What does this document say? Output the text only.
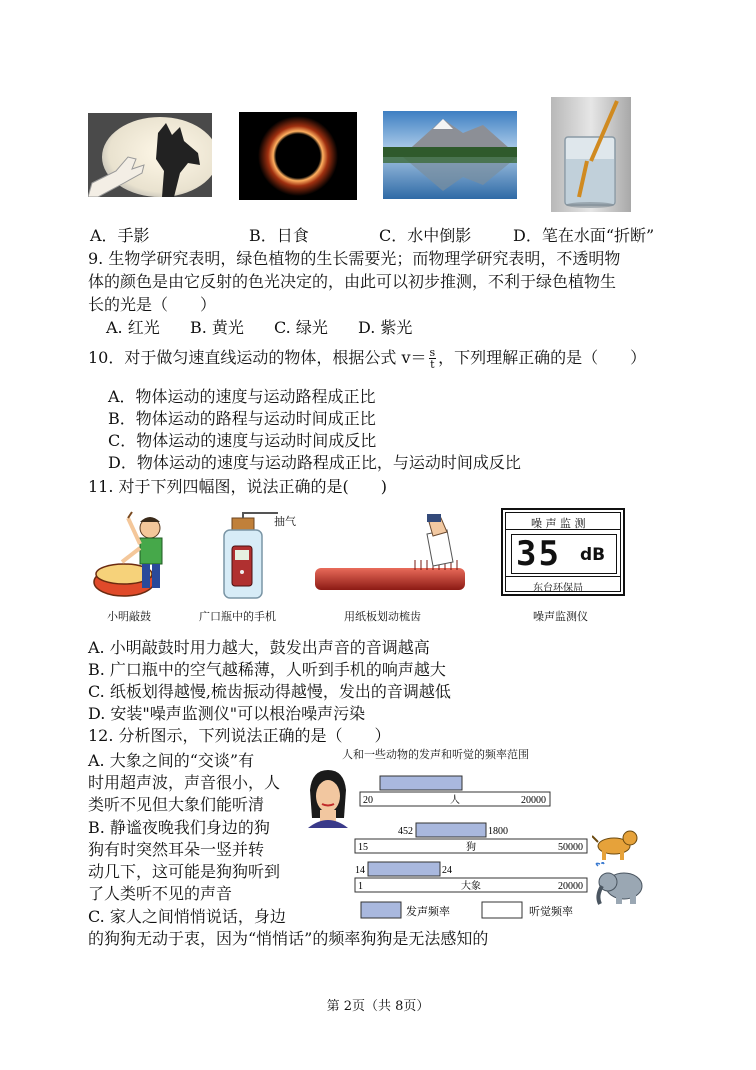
A．手影	B．日食	C．水中倒影	D．笔在水面“折断”
9. 生物学研究表明，绿色植物的生长需要光；而物理学研究表明，不透明物
体的颜色是由它反射的色光决定的，由此可以初步推测，不利于绿色植物生
长的光是（　　）
A. 红光 B. 黄光 C. 绿光 D. 紫光
10．对于做匀速直线运动的物体，根据公式 $v= \frac{s}{t}$ ，下列理解正确的是（　　）
A．物体运动的速度与运动路程成正比
B．物体运动的路程与运动时间成正比
C．物体运动的速度与运动时间成反比
D．物体运动的速度与运动路程成正比，与运动时间成反比
11. 对于下列四幅图，说法正确的是(　　)
小明敲鼓
抽气
广口瓶中的手机	用纸板划动梳齿
噪 声 监 测
35 dB
东台环保局
噪声监测仪
A. 小明敲鼓时用力越大，鼓发出声音的音调越高
B. 广口瓶中的空气越稀薄，人听到手机的响声越大
C. 纸板划得越慢,梳齿振动得越慢，发出的音调越低
D. 安装"噪声监测仪"可以根治噪声污染
12. 分析图示，下列说法正确的是（　　）
A. 大象之间的“交谈”有
时用超声波，声音很小，人
类听不见但大象们能听清
B. 静谧夜晚我们身边的狗
狗有时突然耳朵一竖并转
动几下，这可能是狗狗听到
了人类听不见的声音
C. 家人之间悄悄说话，身边
的狗狗无动于衷，因为“悄悄话”的频率狗狗是无法感知的
人和一些动物的发声和听觉的频率范围
20	20000
人
15	50000
狗
452	1800
1	20000
大象
14	24
发声频率	听觉频率
第 2页（共 8页）
